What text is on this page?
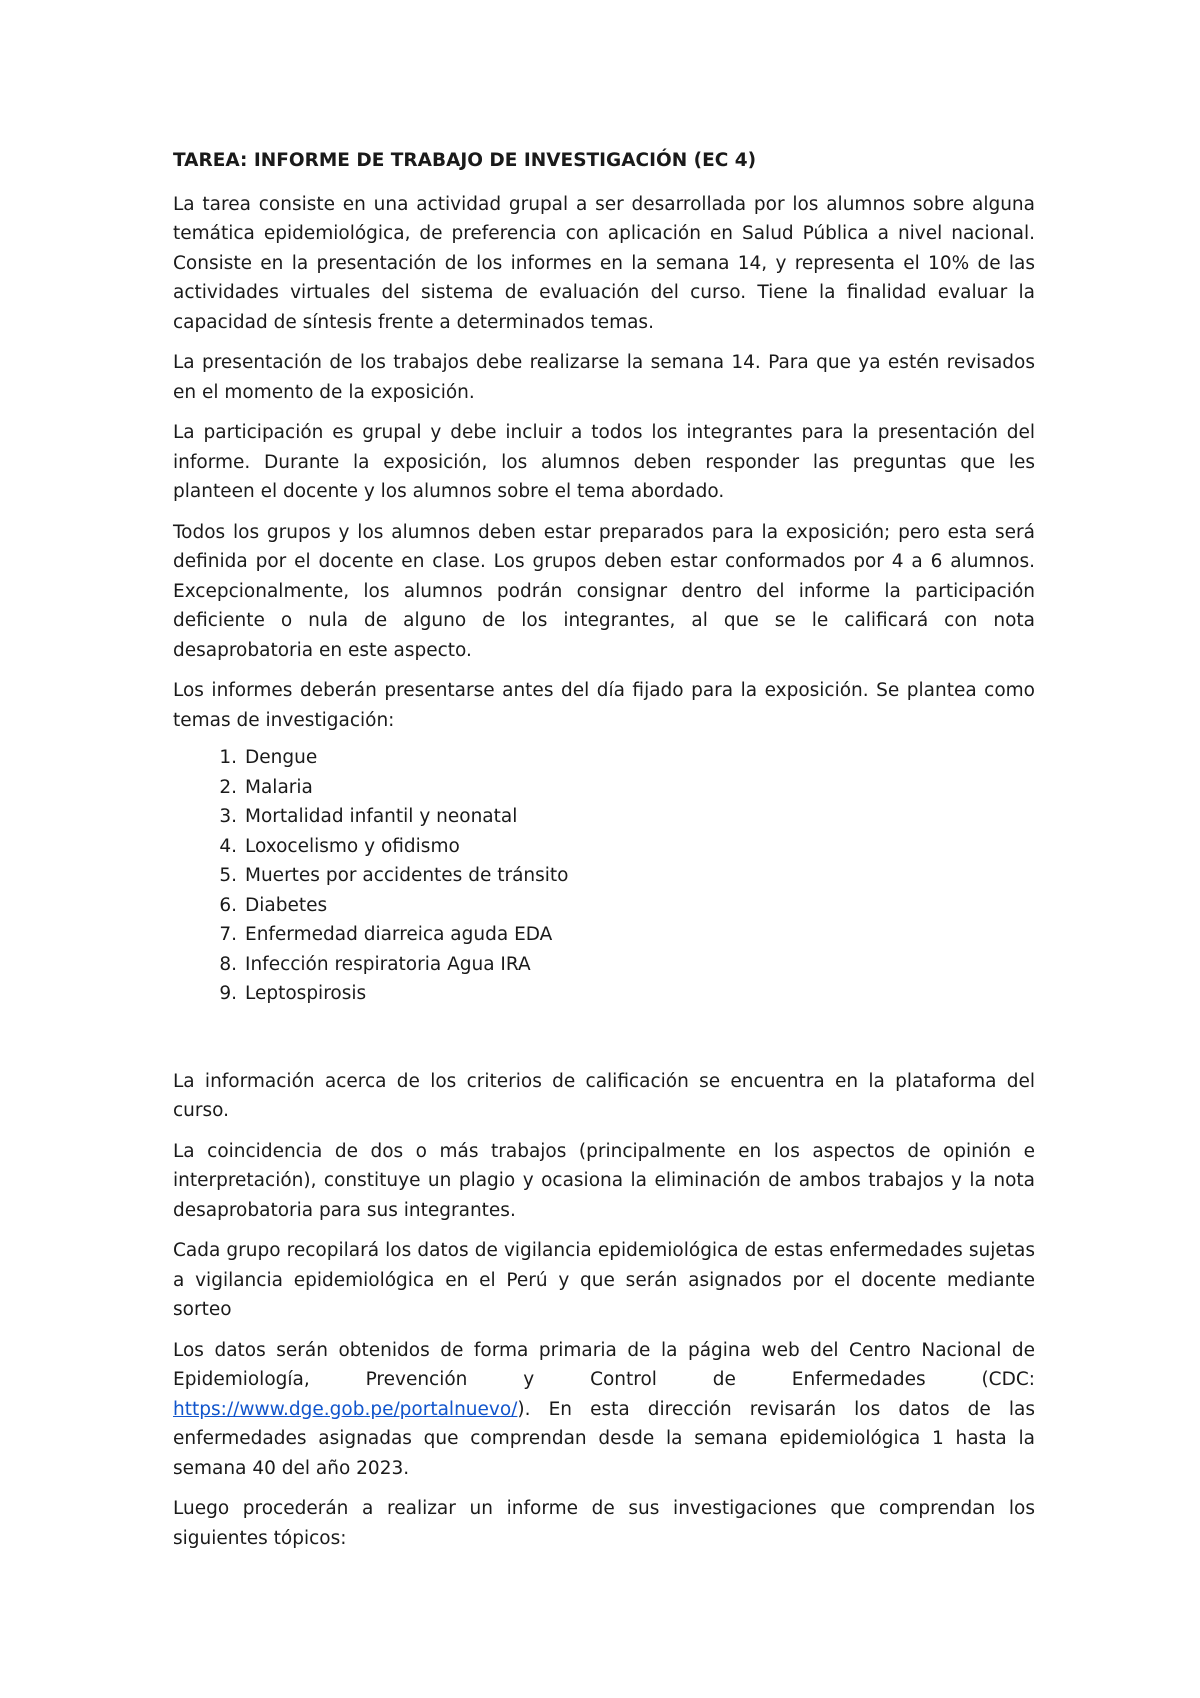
TAREA: INFORME DE TRABAJO DE INVESTIGACIÓN (EC 4)

La tarea consiste en una actividad grupal a ser desarrollada por los alumnos sobre alguna temática epidemiológica, de preferencia con aplicación en Salud Pública a nivel nacional. Consiste en la presentación de los informes en la semana 14, y representa el 10% de las actividades virtuales del sistema de evaluación del curso. Tiene la finalidad evaluar la capacidad de síntesis frente a determinados temas.

La presentación de los trabajos debe realizarse la semana 14. Para que ya estén revisados en el momento de la exposición.

La participación es grupal y debe incluir a todos los integrantes para la presentación del informe. Durante la exposición, los alumnos deben responder las preguntas que les planteen el docente y los alumnos sobre el tema abordado.

Todos los grupos y los alumnos deben estar preparados para la exposición; pero esta será definida por el docente en clase. Los grupos deben estar conformados por 4 a 6 alumnos. Excepcionalmente, los alumnos podrán consignar dentro del informe la participación deficiente o nula de alguno de los integrantes, al que se le calificará con nota desaprobatoria en este aspecto.

Los informes deberán presentarse antes del día fijado para la exposición. Se plantea como temas de investigación:

1. Dengue
2. Malaria
3. Mortalidad infantil y neonatal
4. Loxocelismo y ofidismo
5. Muertes por accidentes de tránsito
6. Diabetes
7. Enfermedad diarreica aguda EDA
8. Infección respiratoria Agua IRA
9. Leptospirosis

La información acerca de los criterios de calificación se encuentra en la plataforma del curso.

La coincidencia de dos o más trabajos (principalmente en los aspectos de opinión e interpretación), constituye un plagio y ocasiona la eliminación de ambos trabajos y la nota desaprobatoria para sus integrantes.

Cada grupo recopilará los datos de vigilancia epidemiológica de estas enfermedades sujetas a vigilancia epidemiológica en el Perú y que serán asignados por el docente mediante sorteo

Los datos serán obtenidos de forma primaria de la página web del Centro Nacional de Epidemiología, Prevención y Control de Enfermedades (CDC: https://www.dge.gob.pe/portalnuevo/). En esta dirección revisarán los datos de las enfermedades asignadas que comprendan desde la semana epidemiológica 1 hasta la semana 40 del año 2023.

Luego procederán a realizar un informe de sus investigaciones que comprendan los siguientes tópicos:
